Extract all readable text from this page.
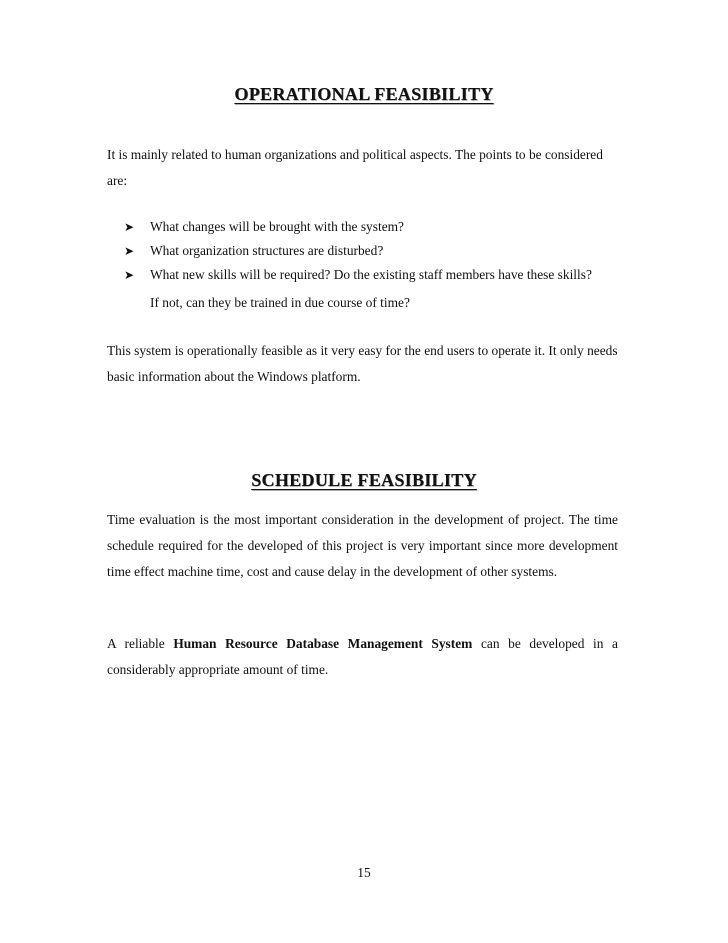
OPERATIONAL FEASIBILITY

It is mainly related to human organizations and political aspects. The points to be considered are:

➤ What changes will be brought with the system?
➤ What organization structures are disturbed?
➤ What new skills will be required? Do the existing staff members have these skills?
If not, can they be trained in due course of time?

This system is operationally feasible as it very easy for the end users to operate it. It only needs basic information about the Windows platform.

SCHEDULE FEASIBILITY

Time evaluation is the most important consideration in the development of project. The time schedule required for the developed of this project is very important since more development time effect machine time, cost and cause delay in the development of other systems.

A reliable Human Resource Database Management System can be developed in a considerably appropriate amount of time.

15
